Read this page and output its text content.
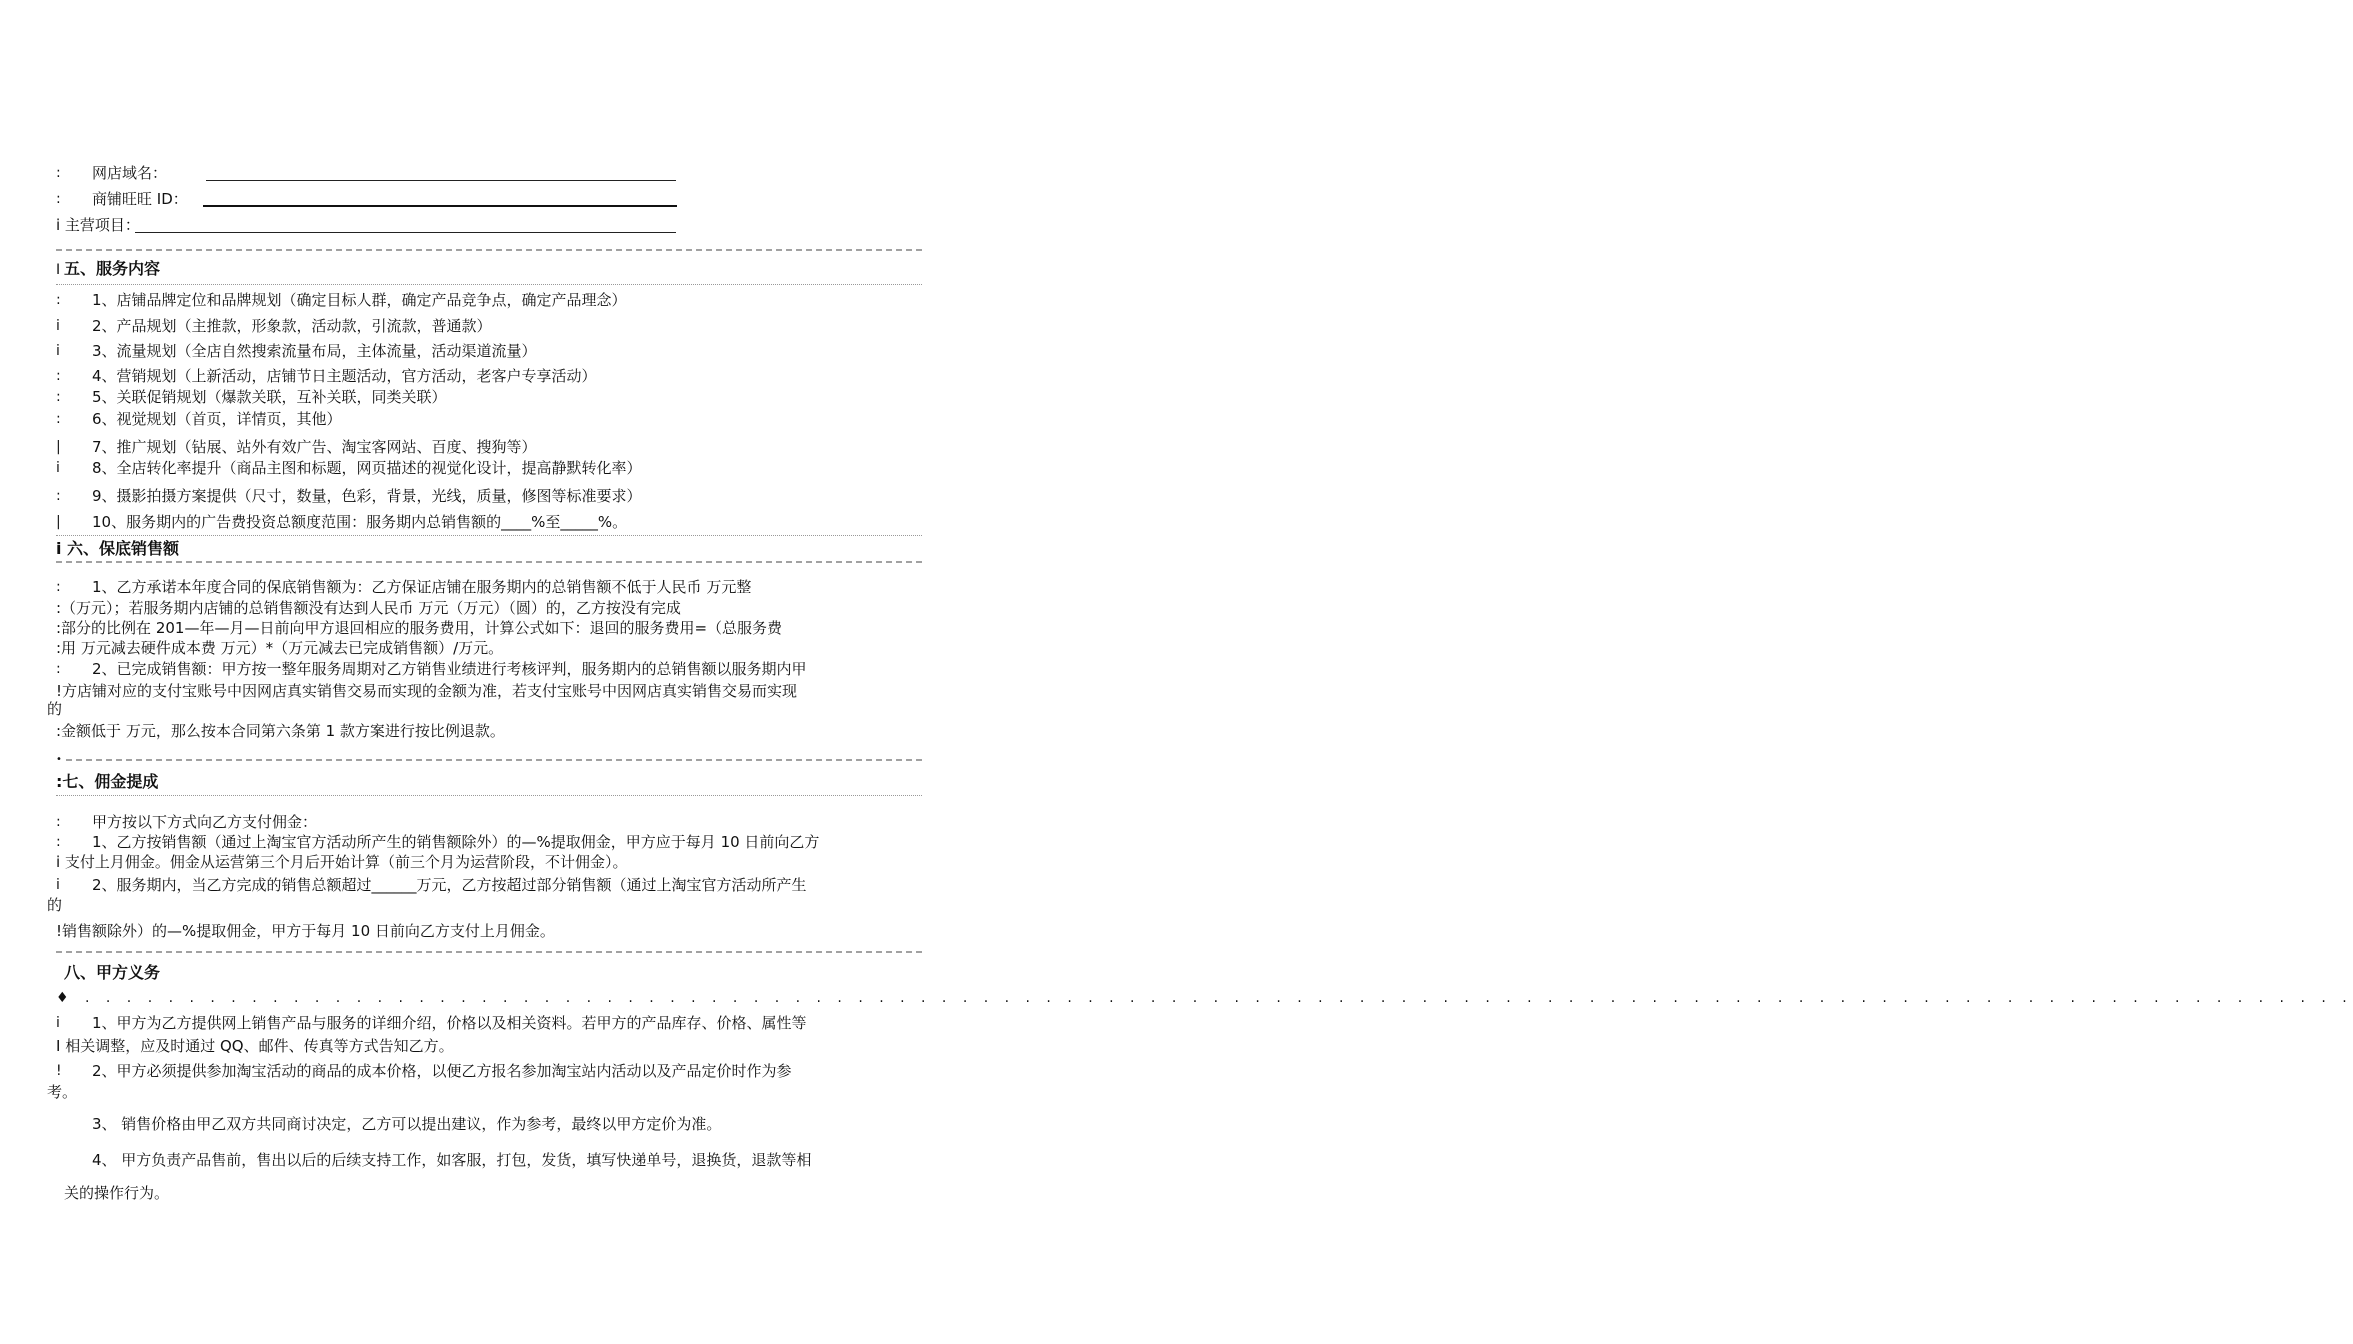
:	网店域名：
:	商铺旺旺 ID：
i 主营项目：
I 五、服务内容
:	1、店铺品牌定位和品牌规划（确定目标人群，确定产品竞争点，确定产品理念）
i	2、产品规划（主推款，形象款，活动款，引流款，普通款）
i	3、流量规划（全店自然搜索流量布局，主体流量，活动渠道流量）
:	4、营销规划（上新活动，店铺节日主题活动，官方活动，老客户专享活动）
:	5、关联促销规划（爆款关联，互补关联，同类关联）
:	6、视觉规划（首页，详情页，其他）
|	7、推广规划（钻展、站外有效广告、淘宝客网站、百度、搜狗等）
i	8、全店转化率提升（商品主图和标题，网页描述的视觉化设计，提高静默转化率）
:	9、摄影拍摄方案提供（尺寸，数量，色彩，背景，光线，质量，修图等标准要求）
|	10、服务期内的广告费投资总额度范围：服务期内总销售额的____%至_____%。
i 六、保底销售额
:	1、乙方承诺本年度合同的保底销售额为：乙方保证店铺在服务期内的总销售额不低于人民币 万元整
:（万元）；若服务期内店铺的总销售额没有达到人民币 万元（万元）（圆）的，乙方按没有完成
:部分的比例在 201—年—月—日前向甲方退回相应的服务费用，计算公式如下：退回的服务费用=（总服务费
:用 万元减去硬件成本费 万元）*（万元减去已完成销售额）/万元。
:	2、已完成销售额：甲方按一整年服务周期对乙方销售业绩进行考核评判，服务期内的总销售额以服务期内甲
!方店铺对应的支付宝账号中因网店真实销售交易而实现的金额为准，若支付宝账号中因网店真实销售交易而实现
的
:金额低于 万元，那么按本合同第六条第 1 款方案进行按比例退款。
•
:七、佣金提成
:	甲方按以下方式向乙方支付佣金：
:	1、乙方按销售额（通过上淘宝官方活动所产生的销售额除外）的—%提取佣金，甲方应于每月 10 日前向乙方
i 支付上月佣金。佣金从运营第三个月后开始计算（前三个月为运营阶段，不计佣金）。
i	2、服务期内，当乙方完成的销售总额超过______万元，乙方按超过部分销售额（通过上淘宝官方活动所产生
的
!销售额除外）的—%提取佣金，甲方于每月 10 日前向乙方支付上月佣金。
八、甲方义务
♦ . . . . . . . . . . . . . . . . . . . . . . . . . . . . . . . . . . . . . . . . . . . . . . . . . . . . . . . . . . . . . . . . . . . . . . . . . . . . . . . . . . . . . . . . . . . . . . . . . . . . . . . . . . . . .
i	1、甲方为乙方提供网上销售产品与服务的详细介绍，价格以及相关资料。若甲方的产品库存、价格、属性等
I 相关调整，应及时通过 QQ、邮件、传真等方式告知乙方。
!	2、甲方必须提供参加淘宝活动的商品的成本价格，以便乙方报名参加淘宝站内活动以及产品定价时作为参
考。
3、 销售价格由甲乙双方共同商讨决定，乙方可以提出建议，作为参考，最终以甲方定价为准。
4、 甲方负责产品售前，售出以后的后续支持工作，如客服，打包，发货，填写快递单号，退换货，退款等相
关的操作行为。
